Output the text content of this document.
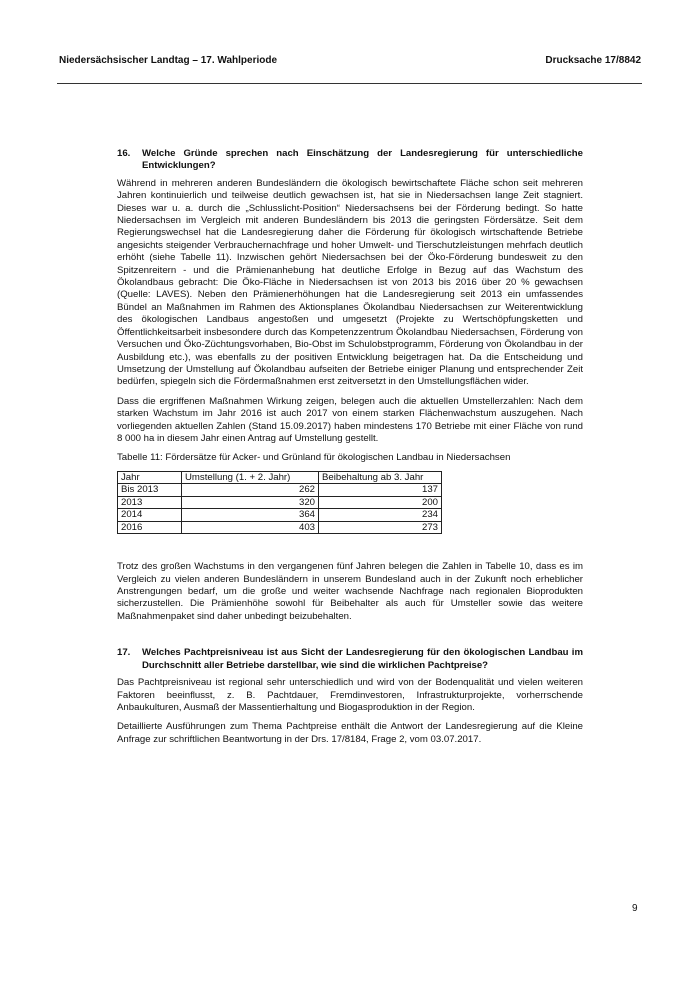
Niedersächsischer Landtag – 17. Wahlperiode	Drucksache 17/8842
16.	Welche Gründe sprechen nach Einschätzung der Landesregierung für unterschiedliche Entwicklungen?

Während in mehreren anderen Bundesländern die ökologisch bewirtschaftete Fläche schon seit mehreren Jahren kontinuierlich und teilweise deutlich gewachsen ist, hat sie in Niedersachsen lange Zeit stagniert. Dieses war u. a. durch die „Schlusslicht-Position“ Niedersachsens bei der Förderung bedingt. So hatte Niedersachsen im Vergleich mit anderen Bundesländern bis 2013 die geringsten Fördersätze. Seit dem Regierungswechsel hat die Landesregierung daher die Förderung für ökologisch wirtschaftende Betriebe angesichts steigender Verbrauchernachfrage und hoher Umwelt- und Tierschutzleistungen mehrfach deutlich erhöht (siehe Tabelle 11). Inzwischen gehört Niedersachsen bei der Öko-Förderung bundesweit zu den Spitzenreitern - und die Prämienanhebung hat deutliche Erfolge in Bezug auf das Wachstum des Ökolandbaus gebracht: Die Öko-Fläche in Niedersachsen ist von 2013 bis 2016 über 20 % gewachsen (Quelle: LAVES). Neben den Prämienerhöhungen hat die Landesregierung seit 2013 ein umfassendes Bündel an Maßnahmen im Rahmen des Aktionsplanes Ökolandbau Niedersachsen zur Weiterentwicklung des ökologischen Landbaus angestoßen und umgesetzt (Projekte zu Wertschöpfungsketten und Öffentlichkeitsarbeit insbesondere durch das Kompetenzzentrum Ökolandbau Niedersachsen, Förderung von Versuchen und Öko-Züchtungsvorhaben, Bio-Obst im Schulobstprogramm, Förderung von Ökolandbau in der Ausbildung etc.), was ebenfalls zu der positiven Entwicklung beigetragen hat. Da die Entscheidung und Umsetzung der Umstellung auf Ökolandbau aufseiten der Betriebe einiger Planung und entsprechender Zeit bedürfen, spiegeln sich die Fördermaßnahmen erst zeitversetzt in den Umstellungsflächen wider.

Dass die ergriffenen Maßnahmen Wirkung zeigen, belegen auch die aktuellen Umstellerzahlen: Nach dem starken Wachstum im Jahr 2016 ist auch 2017 von einem starken Flächenwachstum auszugehen. Nach vorliegenden aktuellen Zahlen (Stand 15.09.2017) haben mindestens 170 Betriebe mit einer Fläche von rund 8 000 ha in diesem Jahr einen Antrag auf Umstellung gestellt.

Tabelle 11: Fördersätze für Acker- und Grünland für ökologischen Landbau in Niedersachsen
Jahr	Umstellung (1. + 2. Jahr)	Beibehaltung ab 3. Jahr
Bis 2013	262	137
2013	320	200
2014	364	234
2016	403	273

Trotz des großen Wachstums in den vergangenen fünf Jahren belegen die Zahlen in Tabelle 10, dass es im Vergleich zu vielen anderen Bundesländern in unserem Bundesland auch in der Zukunft noch erheblicher Anstrengungen bedarf, um die große und weiter wachsende Nachfrage nach regionalen Bioprodukten sicherzustellen. Die Prämienhöhe sowohl für Beibehalter als auch für Umsteller sowie das weitere Maßnahmenpaket sind daher unbedingt beizubehalten.

17.	Welches Pachtpreisniveau ist aus Sicht der Landesregierung für den ökologischen Landbau im Durchschnitt aller Betriebe darstellbar, wie sind die wirklichen Pachtpreise?

Das Pachtpreisniveau ist regional sehr unterschiedlich und wird von der Bodenqualität und vielen weiteren Faktoren beeinflusst, z. B. Pachtdauer, Fremdinvestoren, Infrastrukturprojekte, vorherrschende Anbaukulturen, Ausmaß der Massentierhaltung und Biogasproduktion in der Region.

Detaillierte Ausführungen zum Thema Pachtpreise enthält die Antwort der Landesregierung auf die Kleine Anfrage zur schriftlichen Beantwortung in der Drs. 17/8184, Frage 2, vom 03.07.2017.

9
